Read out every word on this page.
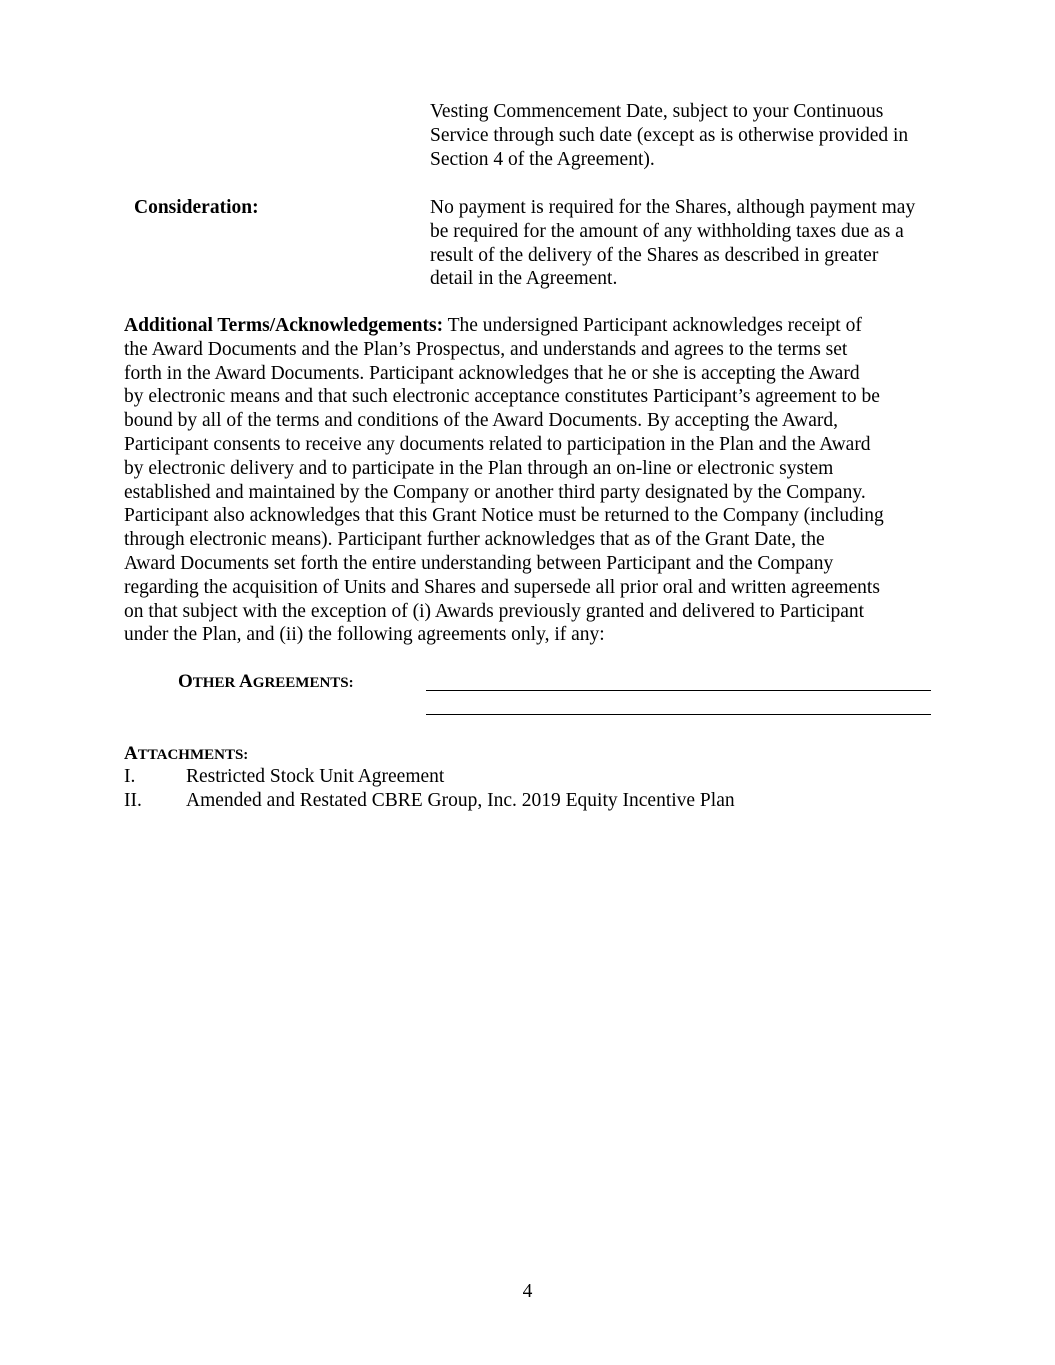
Vesting Commencement Date, subject to your Continuous
Service through such date (except as is otherwise provided in
Section 4 of the Agreement).
Consideration:	No payment is required for the Shares, although payment may
be required for the amount of any withholding taxes due as a
result of the delivery of the Shares as described in greater
detail in the Agreement.
Additional Terms/Acknowledgements: The undersigned Participant acknowledges receipt of
the Award Documents and the Plan’s Prospectus, and understands and agrees to the terms set
forth in the Award Documents. Participant acknowledges that he or she is accepting the Award
by electronic means and that such electronic acceptance constitutes Participant’s agreement to be
bound by all of the terms and conditions of the Award Documents. By accepting the Award,
Participant consents to receive any documents related to participation in the Plan and the Award
by electronic delivery and to participate in the Plan through an on-line or electronic system
established and maintained by the Company or another third party designated by the Company.
Participant also acknowledges that this Grant Notice must be returned to the Company (including
through electronic means). Participant further acknowledges that as of the Grant Date, the
Award Documents set forth the entire understanding between Participant and the Company
regarding the acquisition of Units and Shares and supersede all prior oral and written agreements
on that subject with the exception of (i) Awards previously granted and delivered to Participant
under the Plan, and (ii) the following agreements only, if any:
OTHER AGREEMENTS:
ATTACHMENTS:
I.	Restricted Stock Unit Agreement
II. Amended and Restated CBRE Group, Inc. 2019 Equity Incentive Plan
4
